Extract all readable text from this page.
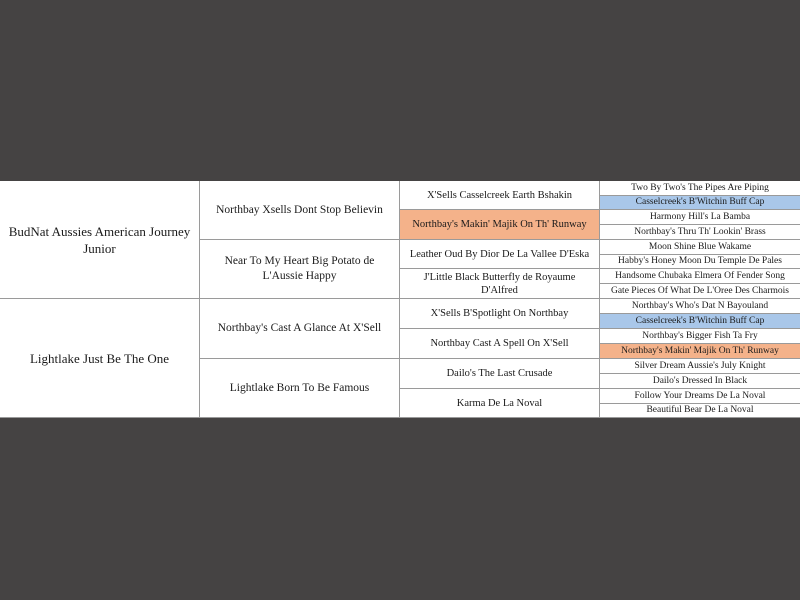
BudNat Aussies American Journey Junior
Lightlake Just Be The One
Northbay Xsells Dont Stop Believin
Near To My Heart Big Potato de L'Aussie Happy
Northbay's Cast A Glance At X'Sell
Lightlake Born To Be Famous
X'Sells Casselcreek Earth Bshakin
Northbay's Makin' Majik On Th' Runway
Leather Oud By Dior De La Vallee D'Eska
J'Little Black Butterfly de Royaume D'Alfred
X'Sells B'Spotlight On Northbay
Northbay Cast A Spell On X'Sell
Dailo's The Last Crusade
Karma De La Noval
Two By Two's The Pipes Are Piping
Casselcreek's B'Witchin Buff Cap
Harmony Hill's La Bamba
Northbay's Thru Th' Lookin' Brass
Moon Shine Blue Wakame
Habby's Honey Moon Du Temple De Pales
Handsome Chubaka Elmera Of Fender Song
Gate Pieces Of What De L'Oree Des Charmois
Northbay's Who's Dat N Bayouland
Casselcreek's B'Witchin Buff Cap
Northbay's Bigger Fish Ta Fry
Northbay's Makin' Majik On Th' Runway
Silver Dream Aussie's July Knight
Dailo's Dressed In Black
Follow Your Dreams De La Noval
Beautiful Bear De La Noval
